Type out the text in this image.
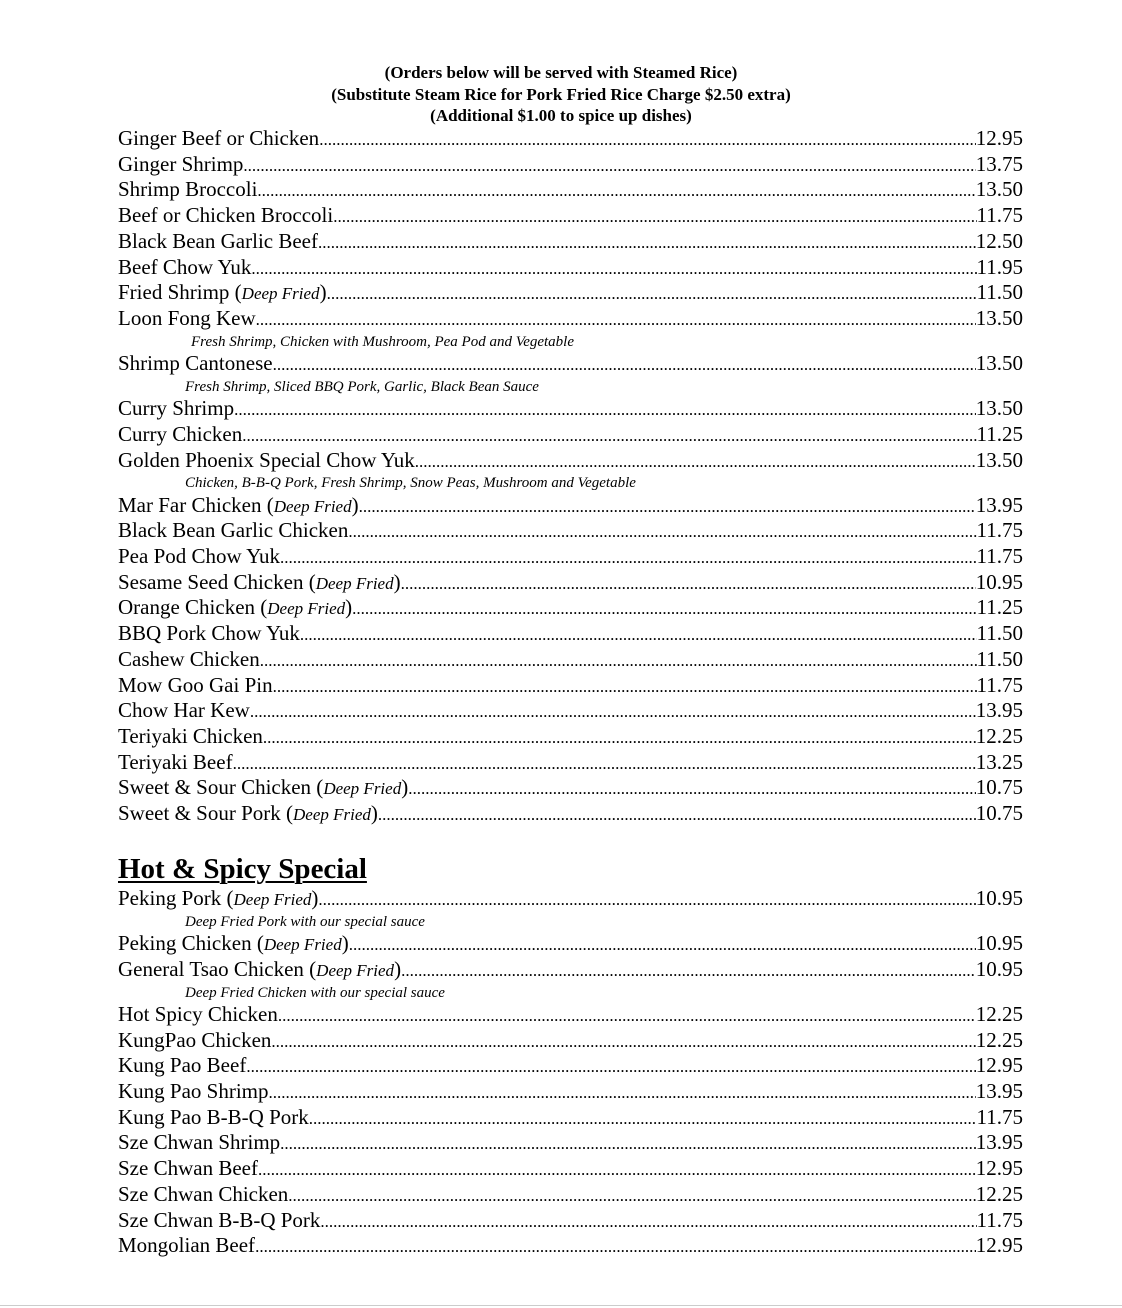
(Orders below will be served with Steamed Rice)
(Substitute Steam Rice for Pork Fried Rice Charge $2.50 extra)
(Additional $1.00 to spice up dishes)
Ginger Beef or Chicken .....	12.95
Ginger Shrimp .....	13.75
Shrimp Broccoli .....	13.50
Beef or Chicken Broccoli .....	11.75
Black Bean Garlic Beef .....	12.50
Beef Chow Yuk .....	11.95
Fried Shrimp (Deep Fried) .....	11.50
Loon Fong Kew .....	13.50
Fresh Shrimp, Chicken with Mushroom, Pea Pod and Vegetable
Shrimp Cantonese .....	13.50
Fresh Shrimp, Sliced BBQ Pork, Garlic, Black Bean Sauce
Curry Shrimp .....	13.50
Curry Chicken .....	11.25
Golden Phoenix Special Chow Yuk .....	13.50
Chicken, B-B-Q Pork, Fresh Shrimp, Snow Peas, Mushroom and Vegetable
Mar Far Chicken (Deep Fried) .....	13.95
Black Bean Garlic Chicken .....	11.75
Pea Pod Chow Yuk .....	11.75
Sesame Seed Chicken (Deep Fried) .....	10.95
Orange Chicken (Deep Fried) .....	11.25
BBQ Pork Chow Yuk .....	11.50
Cashew Chicken .....	11.50
Mow Goo Gai Pin .....	11.75
Chow Har Kew .....	13.95
Teriyaki Chicken .....	12.25
Teriyaki Beef .....	13.25
Sweet & Sour Chicken (Deep Fried) .....	10.75
Sweet & Sour Pork (Deep Fried) .....	10.75
Hot & Spicy Special
Peking Pork (Deep Fried) .....	10.95
Deep Fried Pork with our special sauce
Peking Chicken (Deep Fried) .....	10.95
General Tsao Chicken (Deep Fried) .....	10.95
Deep Fried Chicken with our special sauce
Hot Spicy Chicken .....	12.25
KungPao Chicken .....	12.25
Kung Pao Beef .....	12.95
Kung Pao Shrimp .....	13.95
Kung Pao B-B-Q Pork .....	11.75
Sze Chwan Shrimp .....	13.95
Sze Chwan Beef .....	12.95
Sze Chwan Chicken .....	12.25
Sze Chwan B-B-Q Pork .....	11.75
Mongolian Beef .....	12.95
